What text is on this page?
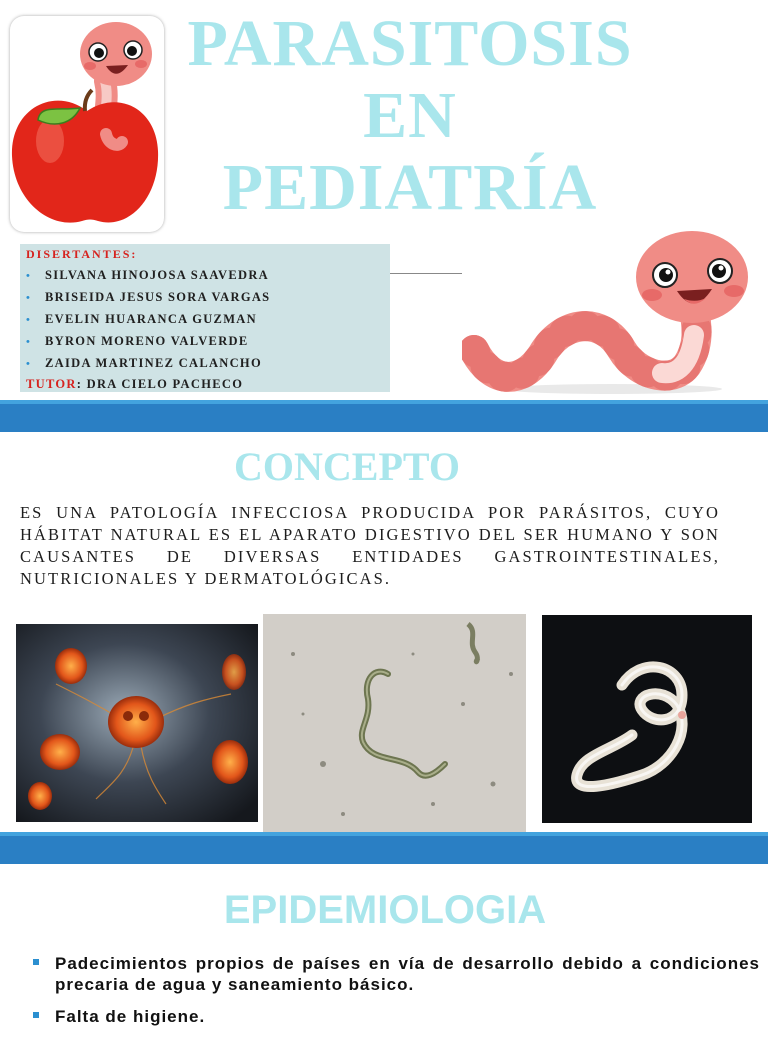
PARASITOSIS
EN
PEDIATRÍA
DISERTANTES:
• SILVANA HINOJOSA SAAVEDRA
• BRISEIDA JESUS SORA VARGAS
• EVELIN HUARANCA GUZMAN
• BYRON MORENO VALVERDE
• ZAIDA MARTINEZ CALANCHO
TUTOR: DRA CIELO PACHECO
CONCEPTO
ES UNA PATOLOGÍA INFECCIOSA PRODUCIDA POR PARÁSITOS, CUYO HÁBITAT NATURAL ES EL APARATO DIGESTIVO DEL SER HUMANO Y SON CAUSANTES DE DIVERSAS ENTIDADES GASTROINTESTINALES, NUTRICIONALES Y DERMATOLÓGICAS.
EPIDEMIOLOGIA
Padecimientos propios de países en vía de desarrollo debido a condiciones precaria de agua y saneamiento básico.
Falta de higiene.
